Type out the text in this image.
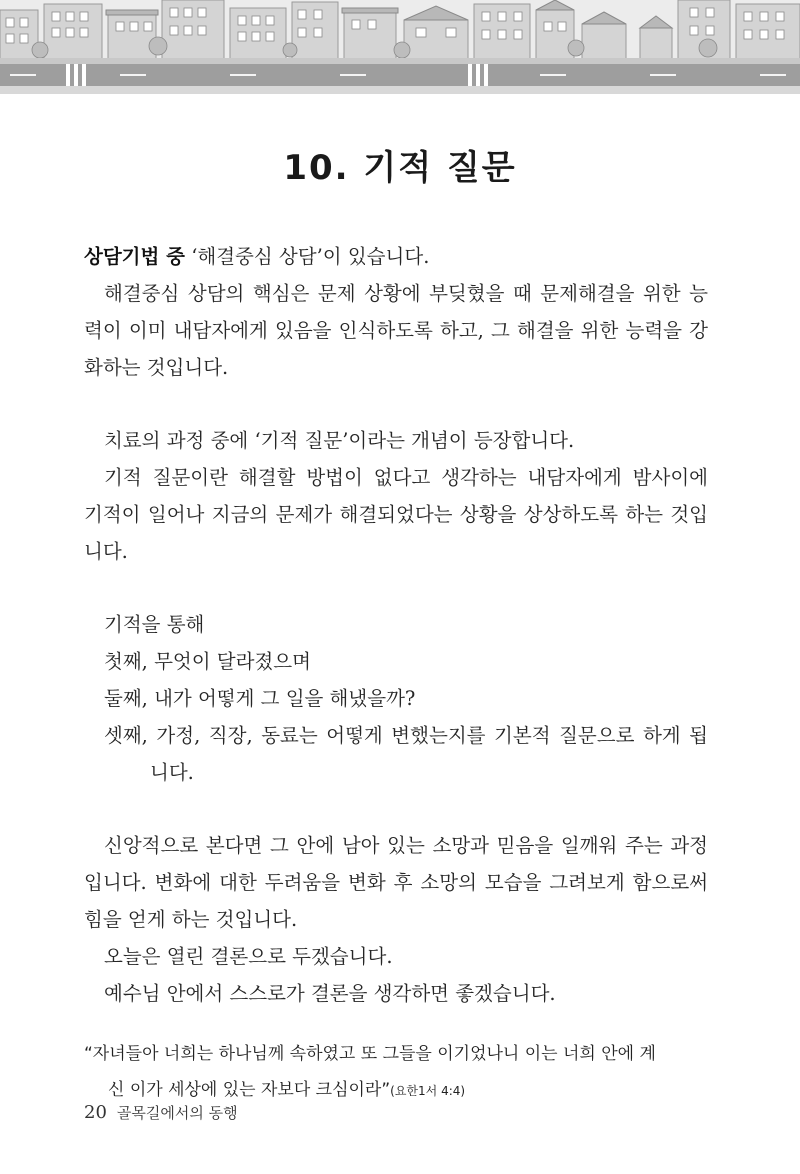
10. 기적 질문
상담기법 중 ‘해결중심 상담’이 있습니다.
해결중심 상담의 핵심은 문제 상황에 부딪혔을 때 문제해결을 위한 능
력이 이미 내담자에게 있음을 인식하도록 하고, 그 해결을 위한 능력을 강
화하는 것입니다.
치료의 과정 중에 ‘기적 질문’이라는 개념이 등장합니다.
기적 질문이란 해결할 방법이 없다고 생각하는 내담자에게 밤사이에
기적이 일어나 지금의 문제가 해결되었다는 상황을 상상하도록 하는 것입
니다.
기적을 통해
첫째, 무엇이 달라졌으며
둘째, 내가 어떻게 그 일을 해냈을까?
셋째, 가정, 직장, 동료는 어떻게 변했는지를 기본적 질문으로 하게 됩
니다.
신앙적으로 본다면 그 안에 남아 있는 소망과 믿음을 일깨워 주는 과정
입니다. 변화에 대한 두려움을 변화 후 소망의 모습을 그려보게 함으로써
힘을 얻게 하는 것입니다.
오늘은 열린 결론으로 두겠습니다.
예수님 안에서 스스로가 결론을 생각하면 좋겠습니다.
“자녀들아 너희는 하나님께 속하였고 또 그들을 이기었나니 이는 너희 안에 계
신 이가 세상에 있는 자보다 크심이라”(요한1서 4:4)
20 골목길에서의 동행
